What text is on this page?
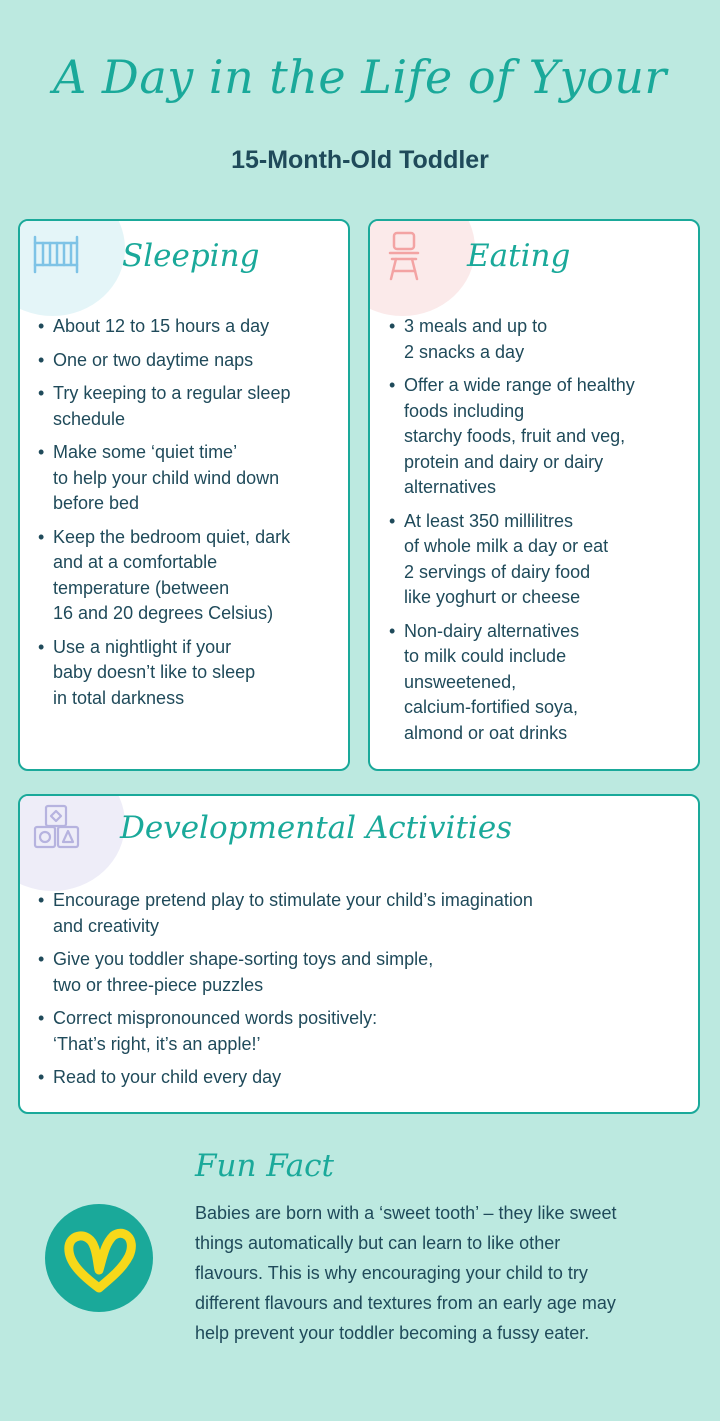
A Day in the Life of Yyour
15-Month-Old Toddler
Sleeping
• About 12 to 15 hours a day
• One or two daytime naps
• Try keeping to a regular sleep
schedule
• Make some ‘quiet time’
to help your child wind down
before bed
• Keep the bedroom quiet, dark
and at a comfortable
temperature (between
16 and 20 degrees Celsius)
• Use a nightlight if your
baby doesn’t like to sleep
in total darkness
Eating
• 3 meals and up to
2 snacks a day
• Offer a wide range of healthy
foods including
starchy foods, fruit and veg,
protein and dairy or dairy
alternatives
• At least 350 millilitres
of whole milk a day or eat
2 servings of dairy food
like yoghurt or cheese
• Non-dairy alternatives
to milk could include
unsweetened,
calcium-fortified soya,
almond or oat drinks
Developmental Activities
• Encourage pretend play to stimulate your child’s imagination
and creativity
• Give you toddler shape-sorting toys and simple,
two or three-piece puzzles
• Correct mispronounced words positively:
‘That’s right, it’s an apple!’
• Read to your child every day
Fun Fact
Babies are born with a ‘sweet tooth’ – they like sweet
things automatically but can learn to like other
flavours. This is why encouraging your child to try
different flavours and textures from an early age may
help prevent your toddler becoming a fussy eater.
